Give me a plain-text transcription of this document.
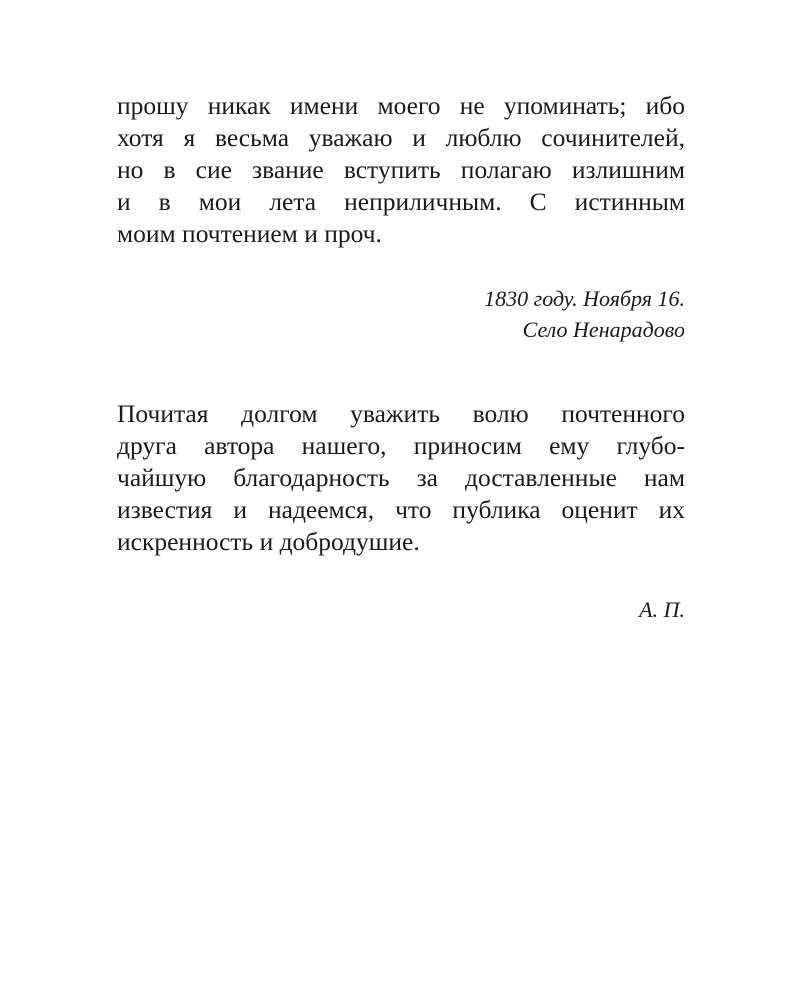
прошу никак имени моего не упоминать; ибо
хотя я весьма уважаю и люблю сочинителей,
но в сие звание вступить полагаю излишним
и в мои лета неприличным. С истинным
моим почтением и проч.
1830 году. Ноября 16.
Село Ненарадово
Почитая долгом уважить волю почтенного
друга автора нашего, приносим ему глубо-
чайшую благодарность за доставленные нам
известия и надеемся, что публика оценит их
искренность и добродушие.
А. П.
